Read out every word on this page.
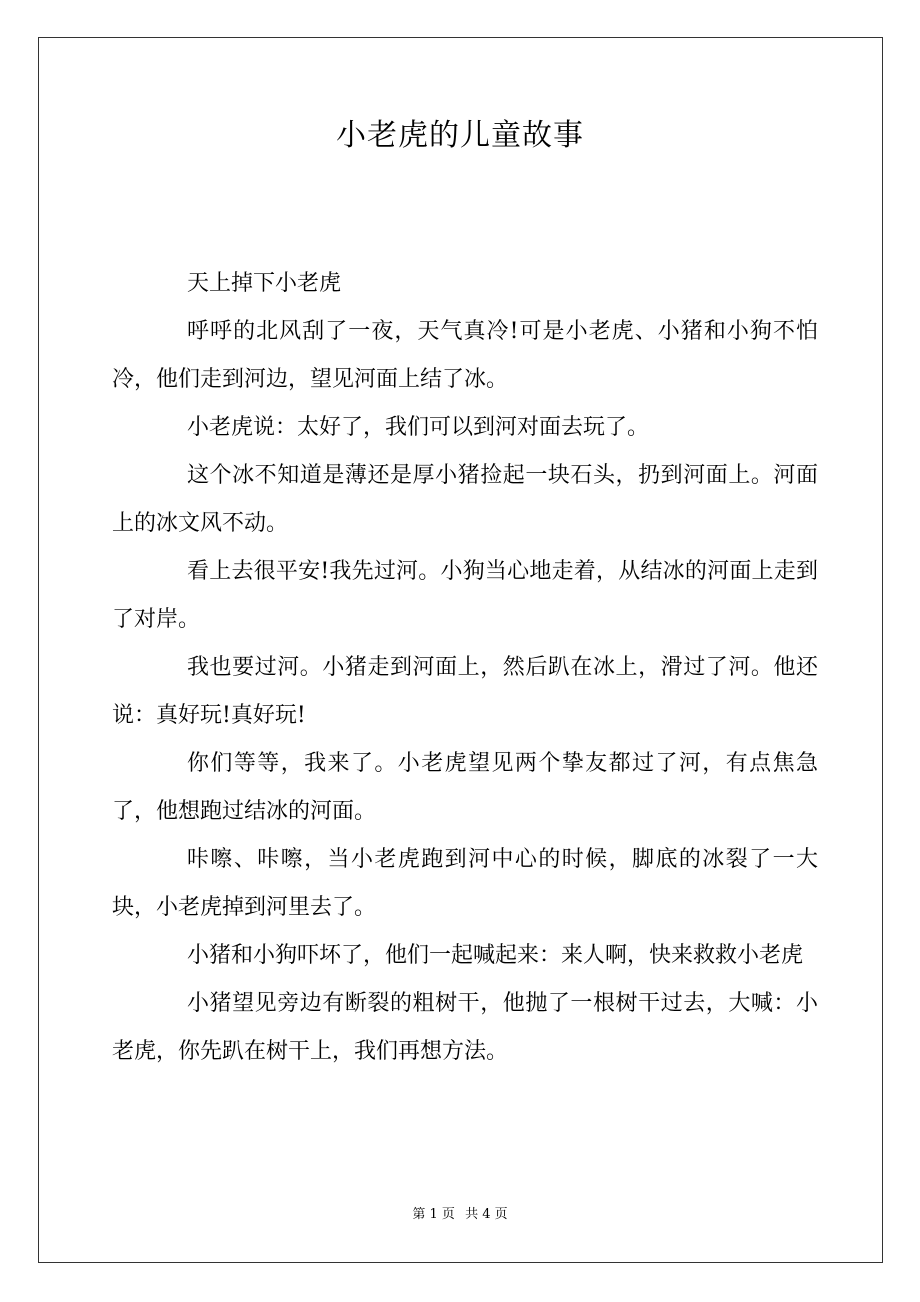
小老虎的儿童故事

天上掉下小老虎

呼呼的北风刮了一夜，天气真冷!可是小老虎、小猪和小狗不怕冷，他们走到河边，望见河面上结了冰。

小老虎说：太好了，我们可以到河对面去玩了。

这个冰不知道是薄还是厚小猪捡起一块石头，扔到河面上。河面上的冰文风不动。

看上去很平安!我先过河。小狗当心地走着，从结冰的河面上走到了对岸。

我也要过河。小猪走到河面上，然后趴在冰上，滑过了河。他还说：真好玩!真好玩!

你们等等，我来了。小老虎望见两个挚友都过了河，有点焦急了，他想跑过结冰的河面。

咔嚓、咔嚓，当小老虎跑到河中心的时候，脚底的冰裂了一大块，小老虎掉到河里去了。

小猪和小狗吓坏了，他们一起喊起来：来人啊，快来救救小老虎

小猪望见旁边有断裂的粗树干，他抛了一根树干过去，大喊：小老虎，你先趴在树干上，我们再想方法。

第 1 页 共 4 页
